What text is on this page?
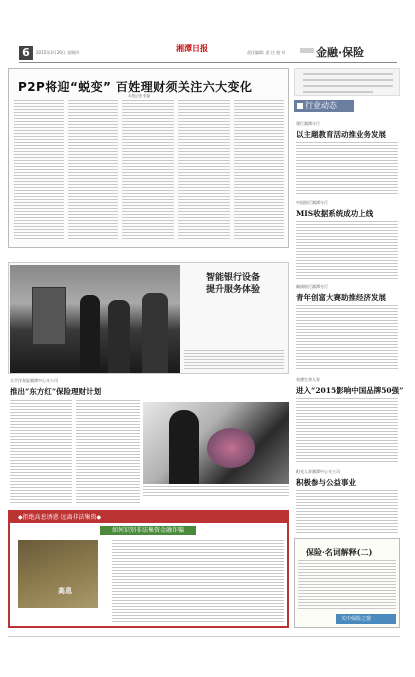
6	2015年3月26日 星期四	湘潭日报	责任编辑: 责 任 校 对	金融·保险
P2P将迎“蜕变” 百姓理财须关注六大变化
本报记者 张磊
行业动态
建行湘潭分行
以主题教育活动推业务发展
中国银行湘潭分行
MIS收据系统成功上线
邮储银行湘潭分行
青年创富大赛助推经济发展
英德生命人寿
进入“2015影响中国品牌50强”
阳光人寿湘潭中心支公司
积极参与公益事业
智能银行设备
提升服务体验
太平洋寿险湘潭中心支公司
推出“东方红”保险理财计划
◆拒绝高息诱惑 远离非法集资◆
如何识别非法集资金融诈骗
高息
保险·名词解释(二)
关中保险之窗
